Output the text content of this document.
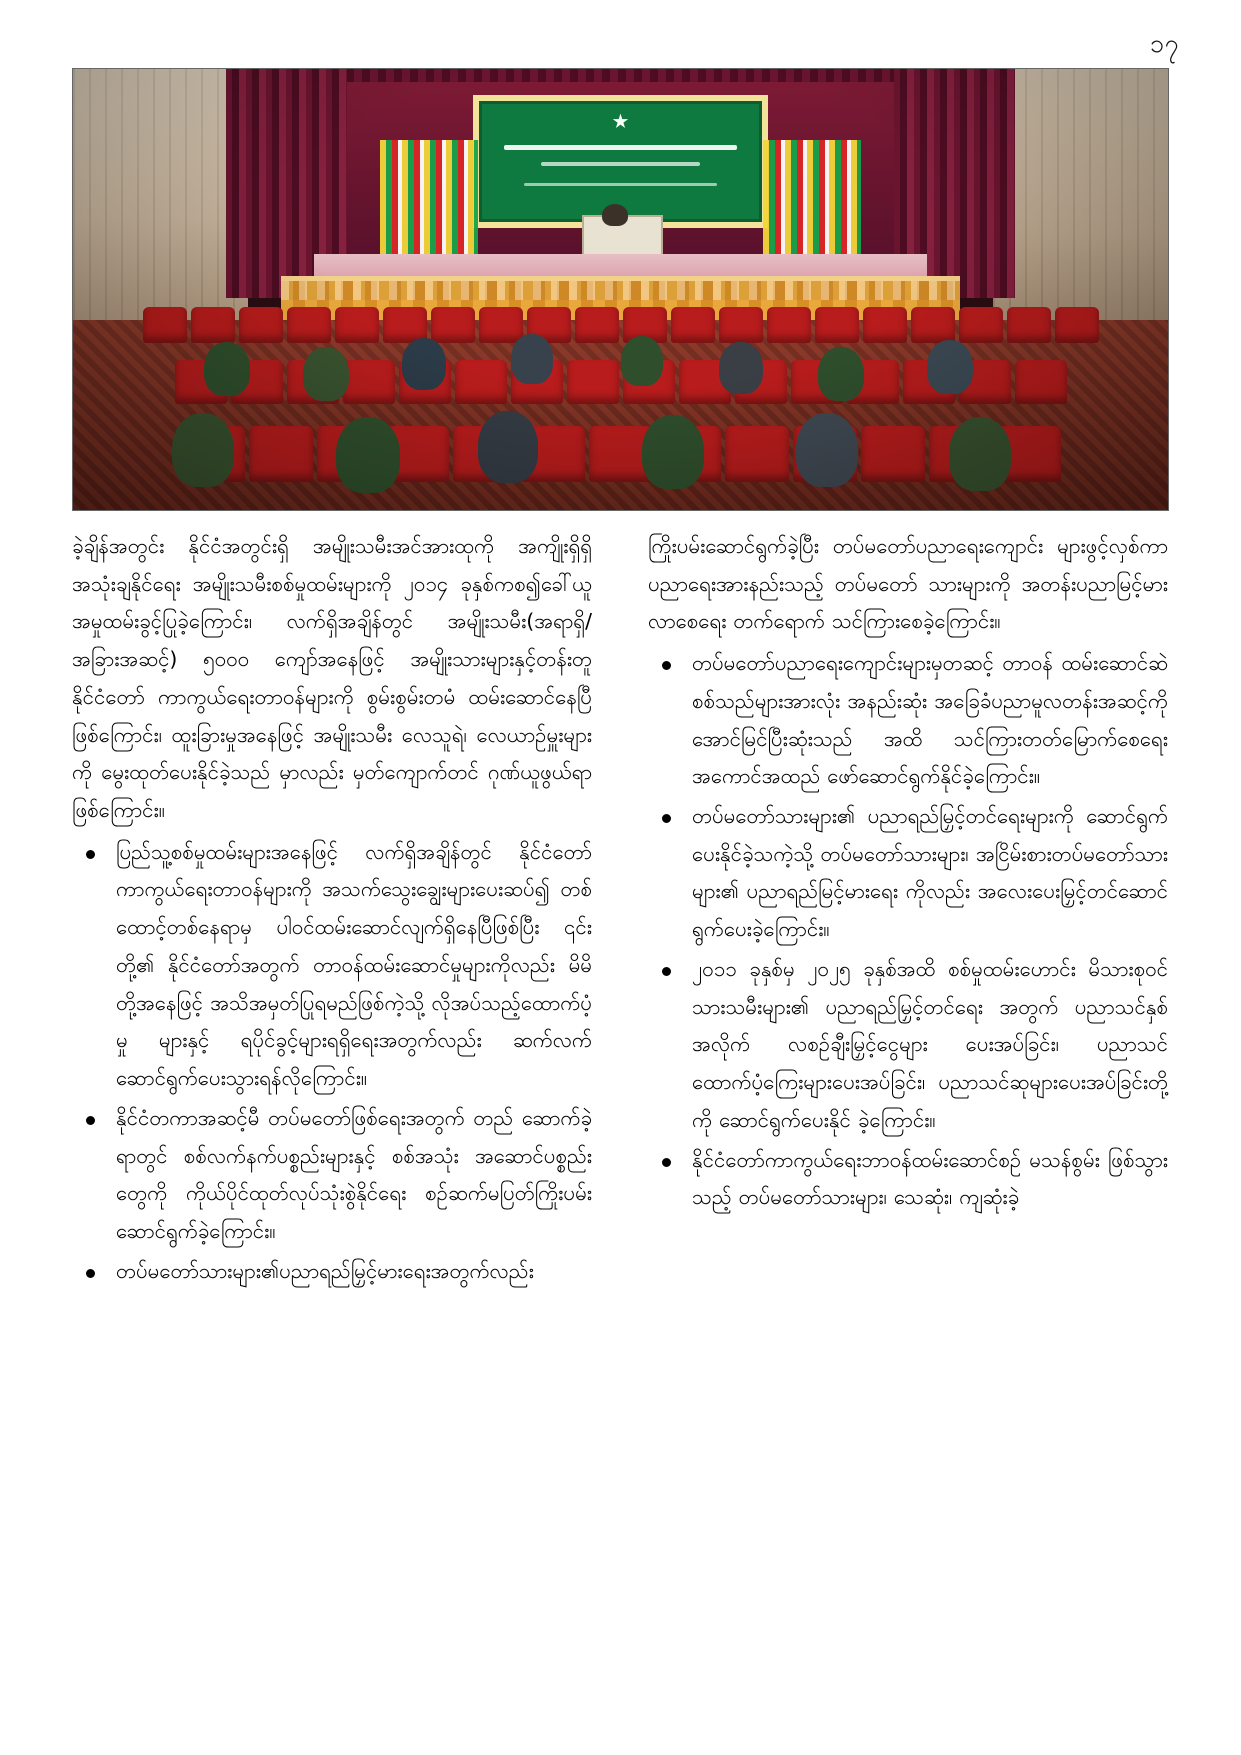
၁၇

ခဲ့ချိန်အတွင်း နိုင်ငံအတွင်းရှိ အမျိုးသမီးအင်အားထုကို အကျိုးရှိရှိအသုံးချနိုင်ရေး အမျိုးသမီးစစ်မှုထမ်းများကို ၂၀၁၄ ခုနှစ်ကစ၍ခေါ်ယူအမှုထမ်းခွင့်ပြုခဲ့ကြောင်း၊ လက်ရှိအချိန်တွင် အမျိုးသမီး(အရာရှိ/ အခြားအဆင့်) ၅၀၀၀ ကျော်အနေဖြင့် အမျိုးသားများနှင့်တန်းတူ နိုင်ငံတော် ကာကွယ်ရေးတာဝန်များကို စွမ်းစွမ်းတမံ ထမ်းဆောင်နေပြီဖြစ်ကြောင်း၊ ထူးခြားမှုအနေဖြင့် အမျိုးသမီး လေသူရဲ၊ လေယာဉ်မှူးများကို မွေးထုတ်ပေးနိုင်ခဲ့သည် မှာလည်း မှတ်ကျောက်တင် ဂုဏ်ယူဖွယ်ရာဖြစ်ကြောင်း။

ပြည်သူ့စစ်မှုထမ်းများအနေဖြင့် လက်ရှိအချိန်တွင် နိုင်ငံတော်ကာကွယ်ရေးတာဝန်များကို အသက်သွေးချွေးများပေးဆပ်၍ တစ်ထောင့်တစ်နေရာမှ ပါဝင်ထမ်းဆောင်လျက်ရှိနေပြီဖြစ်ပြီး ၎င်းတို့၏ နိုင်ငံတော်အတွက် တာဝန်ထမ်းဆောင်မှုများကိုလည်း မိမိတို့အနေဖြင့် အသိအမှတ်ပြုရမည်ဖြစ်ကဲ့သို့ လိုအပ်သည့်ထောက်ပံ့မှု များနှင့် ရပိုင်ခွင့်များရရှိရေးအတွက်လည်း ဆက်လက် ဆောင်ရွက်ပေးသွားရန်လိုကြောင်း။
နိုင်ငံတကာအဆင့်မီ တပ်မတော်ဖြစ်ရေးအတွက် တည် ဆောက်ခဲ့ရာတွင် စစ်လက်နက်ပစ္စည်းများနှင့် စစ်အသုံး အဆောင်ပစ္စည်းတွေကို ကိုယ်ပိုင်ထုတ်လုပ်သုံးစွဲနိုင်ရေး စဉ်ဆက်မပြတ်ကြိုးပမ်းဆောင်ရွက်ခဲ့ကြောင်း။
တပ်မတော်သားများ၏ပညာရည်မြှင့်မားရေးအတွက်လည်း

ကြိုးပမ်းဆောင်ရွက်ခဲ့ပြီး တပ်မတော်ပညာရေးကျောင်း များဖွင့်လှစ်ကာ ပညာရေးအားနည်းသည့် တပ်မတော် သားများကို အတန်းပညာမြင့်မားလာစေရေး တက်ရောက် သင်ကြားစေခဲ့ကြောင်း။

တပ်မတော်ပညာရေးကျောင်းများမှတဆင့် တာဝန် ထမ်းဆောင်ဆဲ စစ်သည်များအားလုံး အနည်းဆုံး အခြေခံပညာမူလတန်းအဆင့်ကို အောင်မြင်ပြီးဆုံးသည် အထိ သင်ကြားတတ်မြောက်စေရေး အကောင်အထည် ဖော်ဆောင်ရွက်နိုင်ခဲ့ကြောင်း။
တပ်မတော်သားများ၏ ပညာရည်မြှင့်တင်ရေးများကို ဆောင်ရွက်ပေးနိုင်ခဲ့သကဲ့သို့ တပ်မတော်သားများ၊ အငြိမ်းစားတပ်မတော်သားများ၏ ပညာရည်မြင့်မားရေး ကိုလည်း အလေးပေးမြှင့်တင်ဆောင်ရွက်ပေးခဲ့ကြောင်း။
၂၀၁၁ ခုနှစ်မှ ၂၀၂၅ ခုနှစ်အထိ စစ်မှုထမ်းဟောင်း မိသားစုဝင်သားသမီးများ၏ ပညာရည်မြှင့်တင်ရေး အတွက် ပညာသင်နှစ်အလိုက် လစဉ်ချီးမြှင့်ငွေများ ပေးအပ်ခြင်း၊ ပညာသင်ထောက်ပံ့ကြေးများပေးအပ်ခြင်း၊ ပညာသင်ဆုများပေးအပ်ခြင်းတို့ကို ဆောင်ရွက်ပေးနိုင် ခဲ့ကြောင်း။
နိုင်ငံတော်ကာကွယ်ရေးဘာဝန်ထမ်းဆောင်စဉ် မသန်စွမ်း ဖြစ်သွားသည့် တပ်မတော်သားများ၊ သေဆုံး၊ ကျဆုံးခဲ့
